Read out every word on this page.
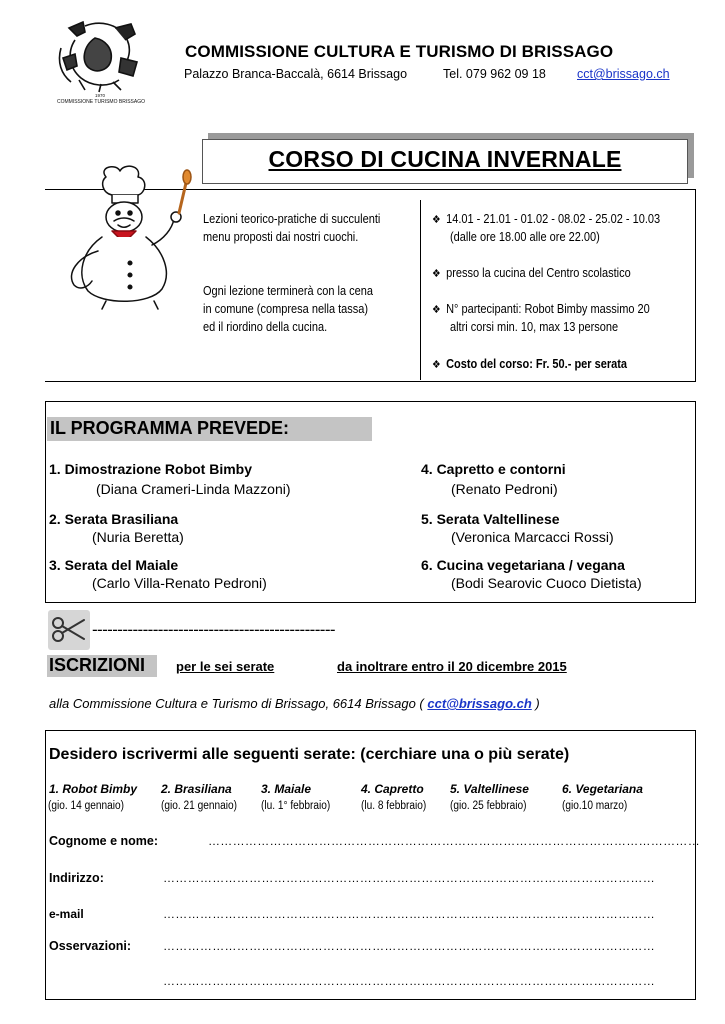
1970
COMMISSIONE TURISMO BRISSAGO
COMMISSIONE CULTURA E TURISMO DI BRISSAGO
Palazzo Branca-Baccalà, 6614 Brissago	Tel. 079 962 09 18 cct@brissago.ch
CORSO DI CUCINA INVERNALE
Lezioni teorico-pratiche di succulenti
menu proposti dai nostri cuochi.
Ogni lezione terminerà con la cena
in comune (compresa nella tassa)
ed il riordino della cucina.
❖ 14.01 - 21.01 - 01.02 - 08.02 - 25.02 - 10.03
(dalle ore 18.00 alle ore 22.00)
❖ presso la cucina del Centro scolastico
❖ N° partecipanti: Robot Bimby massimo 20
altri corsi min. 10, max 13 persone
❖ Costo del corso: Fr. 50.- per serata
IL PROGRAMMA PREVEDE:
1. Dimostrazione Robot Bimby
(Diana Crameri-Linda Mazzoni)
2. Serata Brasiliana
(Nuria Beretta)
3. Serata del Maiale
(Carlo Villa-Renato Pedroni)
4. Capretto e contorni
(Renato Pedroni)
5. Serata Valtellinese
(Veronica Marcacci Rossi)
6. Cucina vegetariana / vegana
(Bodi Searovic Cuoco Dietista)
------------------------------------------------
ISCRIZIONI per le sei serate	da inoltrare entro il 20 dicembre 2015
alla Commissione Cultura e Turismo di Brissago, 6614 Brissago ( cct@brissago.ch )
Desidero iscrivermi alle seguenti serate: (cerchiare una o più serate)
1. Robot Bimby
(gio. 14 gennaio)
2. Brasiliana
(gio. 21 gennaio)
3. Maiale
(lu. 1° febbraio)
4. Capretto
(lu. 8 febbraio)
5. Valtellinese
(gio. 25 febbraio)
6. Vegetariana
(gio.10 marzo)
Cognome e nome:	…………………………………………………………………………………………………………
Indirizzo:	…………………………………………………………………………………………………………
e-mail	…………………………………………………………………………………………………………
Osservazioni:	…………………………………………………………………………………………………………
…………………………………………………………………………………………………………
